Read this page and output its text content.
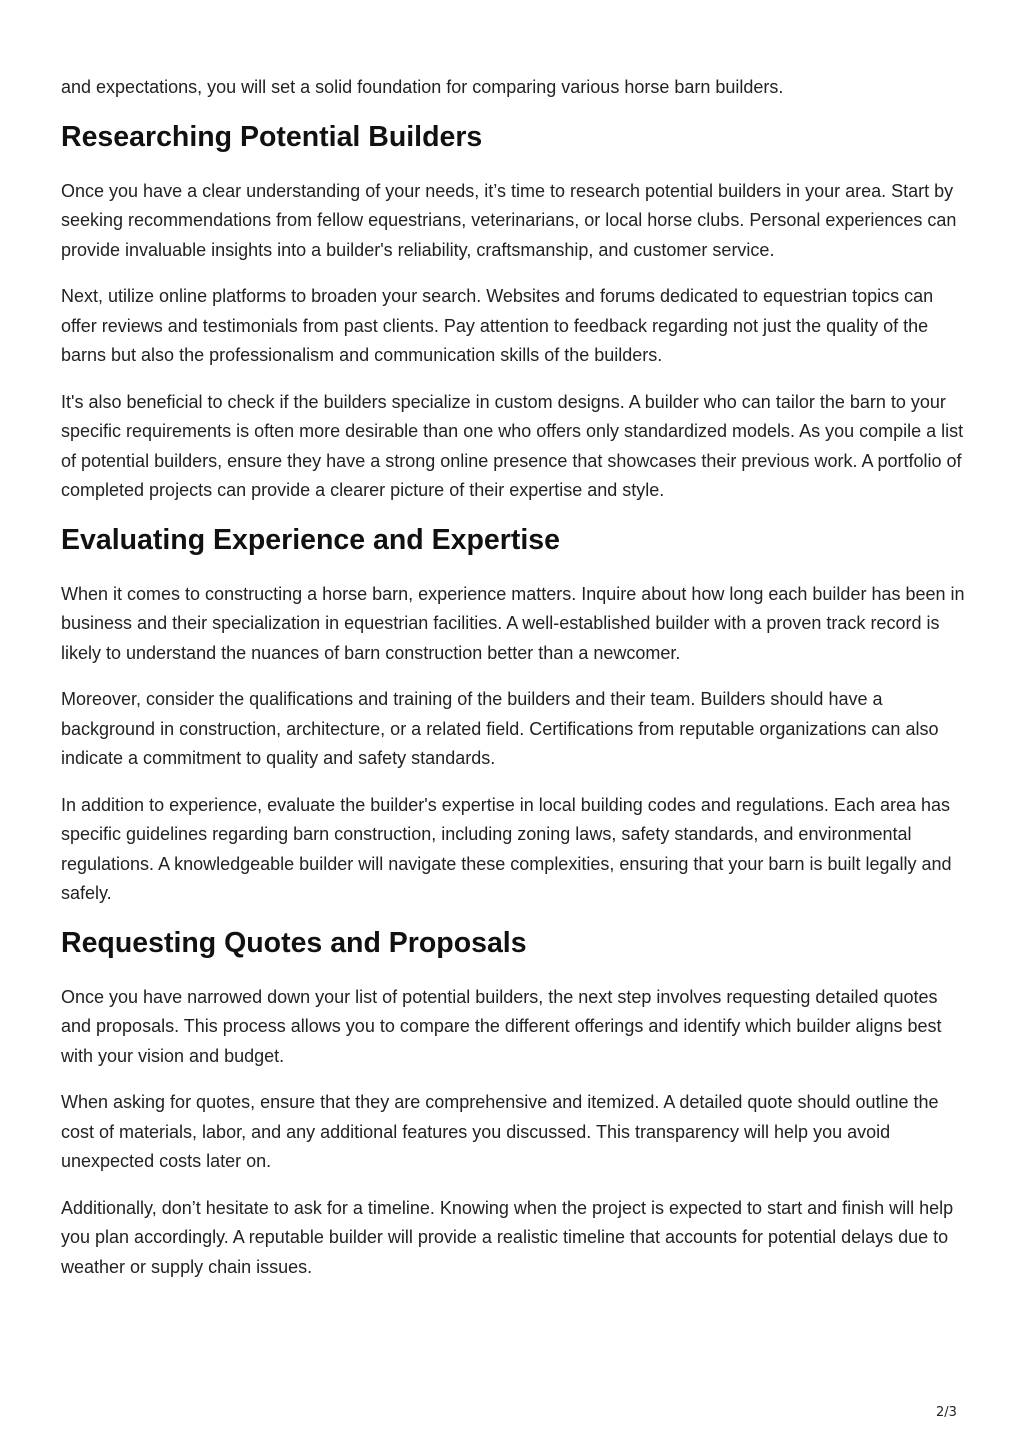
and expectations, you will set a solid foundation for comparing various horse barn builders.

Researching Potential Builders

Once you have a clear understanding of your needs, it’s time to research potential builders in your area. Start by seeking recommendations from fellow equestrians, veterinarians, or local horse clubs. Personal experiences can provide invaluable insights into a builder's reliability, craftsmanship, and customer service.

Next, utilize online platforms to broaden your search. Websites and forums dedicated to equestrian topics can offer reviews and testimonials from past clients. Pay attention to feedback regarding not just the quality of the barns but also the professionalism and communication skills of the builders.

It's also beneficial to check if the builders specialize in custom designs. A builder who can tailor the barn to your specific requirements is often more desirable than one who offers only standardized models. As you compile a list of potential builders, ensure they have a strong online presence that showcases their previous work. A portfolio of completed projects can provide a clearer picture of their expertise and style.

Evaluating Experience and Expertise

When it comes to constructing a horse barn, experience matters. Inquire about how long each builder has been in business and their specialization in equestrian facilities. A well-established builder with a proven track record is likely to understand the nuances of barn construction better than a newcomer.

Moreover, consider the qualifications and training of the builders and their team. Builders should have a background in construction, architecture, or a related field. Certifications from reputable organizations can also indicate a commitment to quality and safety standards.

In addition to experience, evaluate the builder's expertise in local building codes and regulations. Each area has specific guidelines regarding barn construction, including zoning laws, safety standards, and environmental regulations. A knowledgeable builder will navigate these complexities, ensuring that your barn is built legally and safely.

Requesting Quotes and Proposals

Once you have narrowed down your list of potential builders, the next step involves requesting detailed quotes and proposals. This process allows you to compare the different offerings and identify which builder aligns best with your vision and budget.

When asking for quotes, ensure that they are comprehensive and itemized. A detailed quote should outline the cost of materials, labor, and any additional features you discussed. This transparency will help you avoid unexpected costs later on.

Additionally, don’t hesitate to ask for a timeline. Knowing when the project is expected to start and finish will help you plan accordingly. A reputable builder will provide a realistic timeline that accounts for potential delays due to weather or supply chain issues.

2/3
